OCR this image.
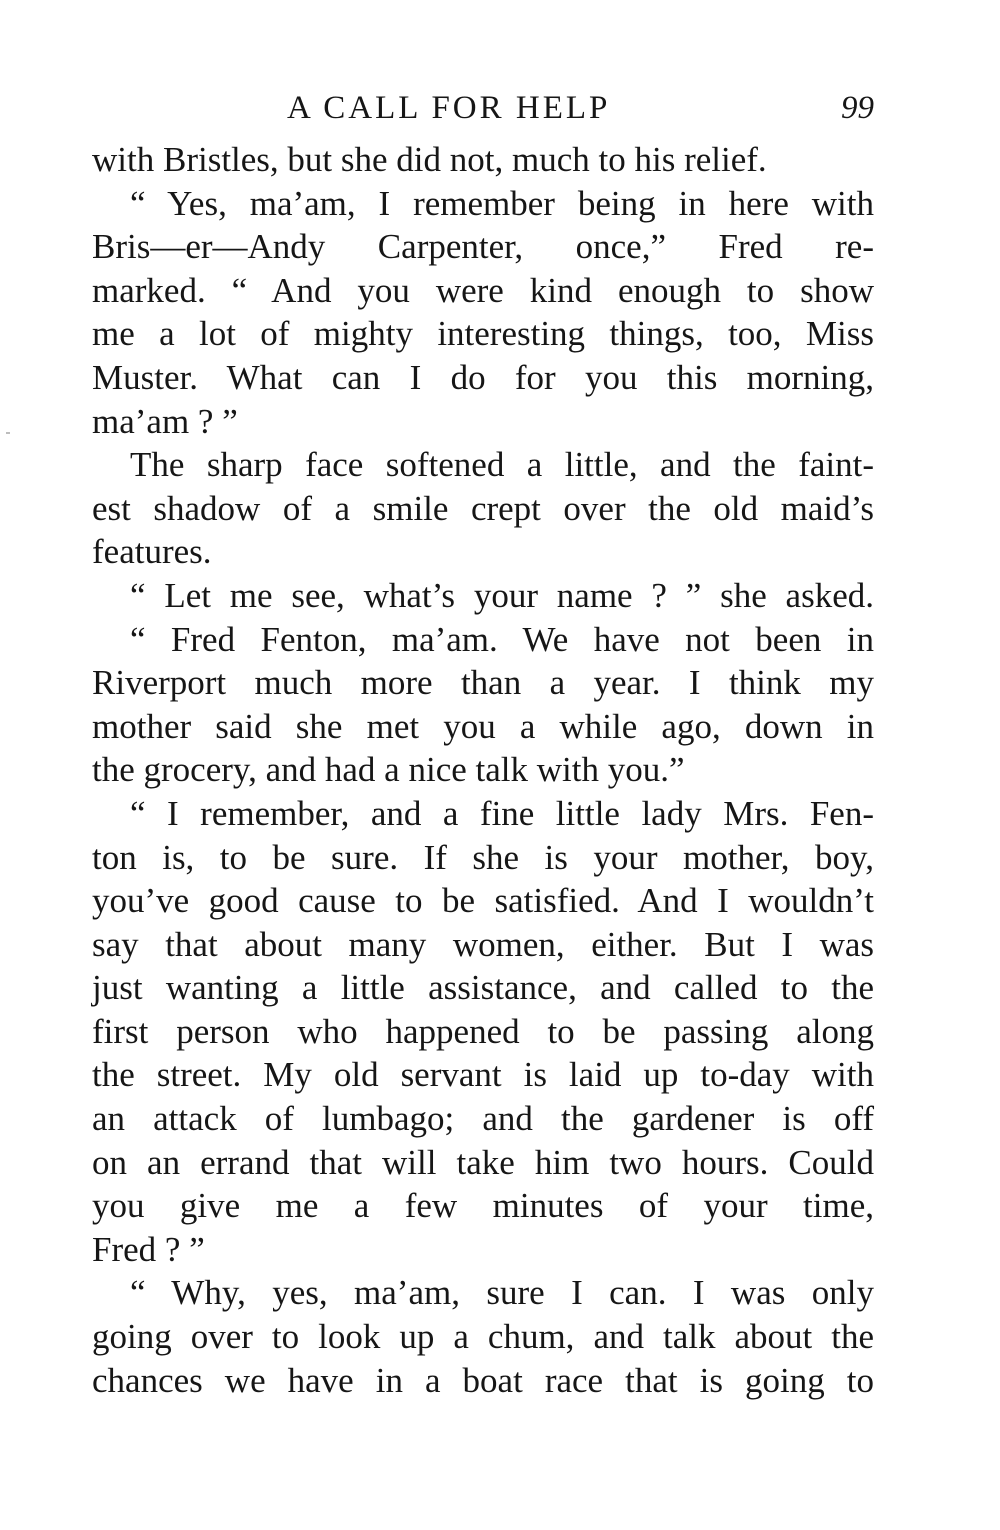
A CALL FOR HELP	99
with Bristles, but she did not, much to his relief.
“ Yes, ma’am, I remember being in here with
Bris—er—Andy Carpenter, once,” Fred re-
marked. “ And you were kind enough to show
me a lot of mighty interesting things, too, Miss
Muster. What can I do for you this morning,
ma’am ? ”
The sharp face softened a little, and the faint-
est shadow of a smile crept over the old maid’s
features.
“ Let me see, what’s your name ? ” she asked.
“ Fred Fenton, ma’am. We have not been in
Riverport much more than a year. I think my
mother said she met you a while ago, down in
the grocery, and had a nice talk with you.”
“ I remember, and a fine little lady Mrs. Fen-
ton is, to be sure. If she is your mother, boy,
you’ve good cause to be satisfied. And I wouldn’t
say that about many women, either. But I was
just wanting a little assistance, and called to the
first person who happened to be passing along
the street. My old servant is laid up to-day with
an attack of lumbago; and the gardener is off
on an errand that will take him two hours. Could
you give me a few minutes of your time,
Fred ? ”
“ Why, yes, ma’am, sure I can. I was only
going over to look up a chum, and talk about the
chances we have in a boat race that is going to
